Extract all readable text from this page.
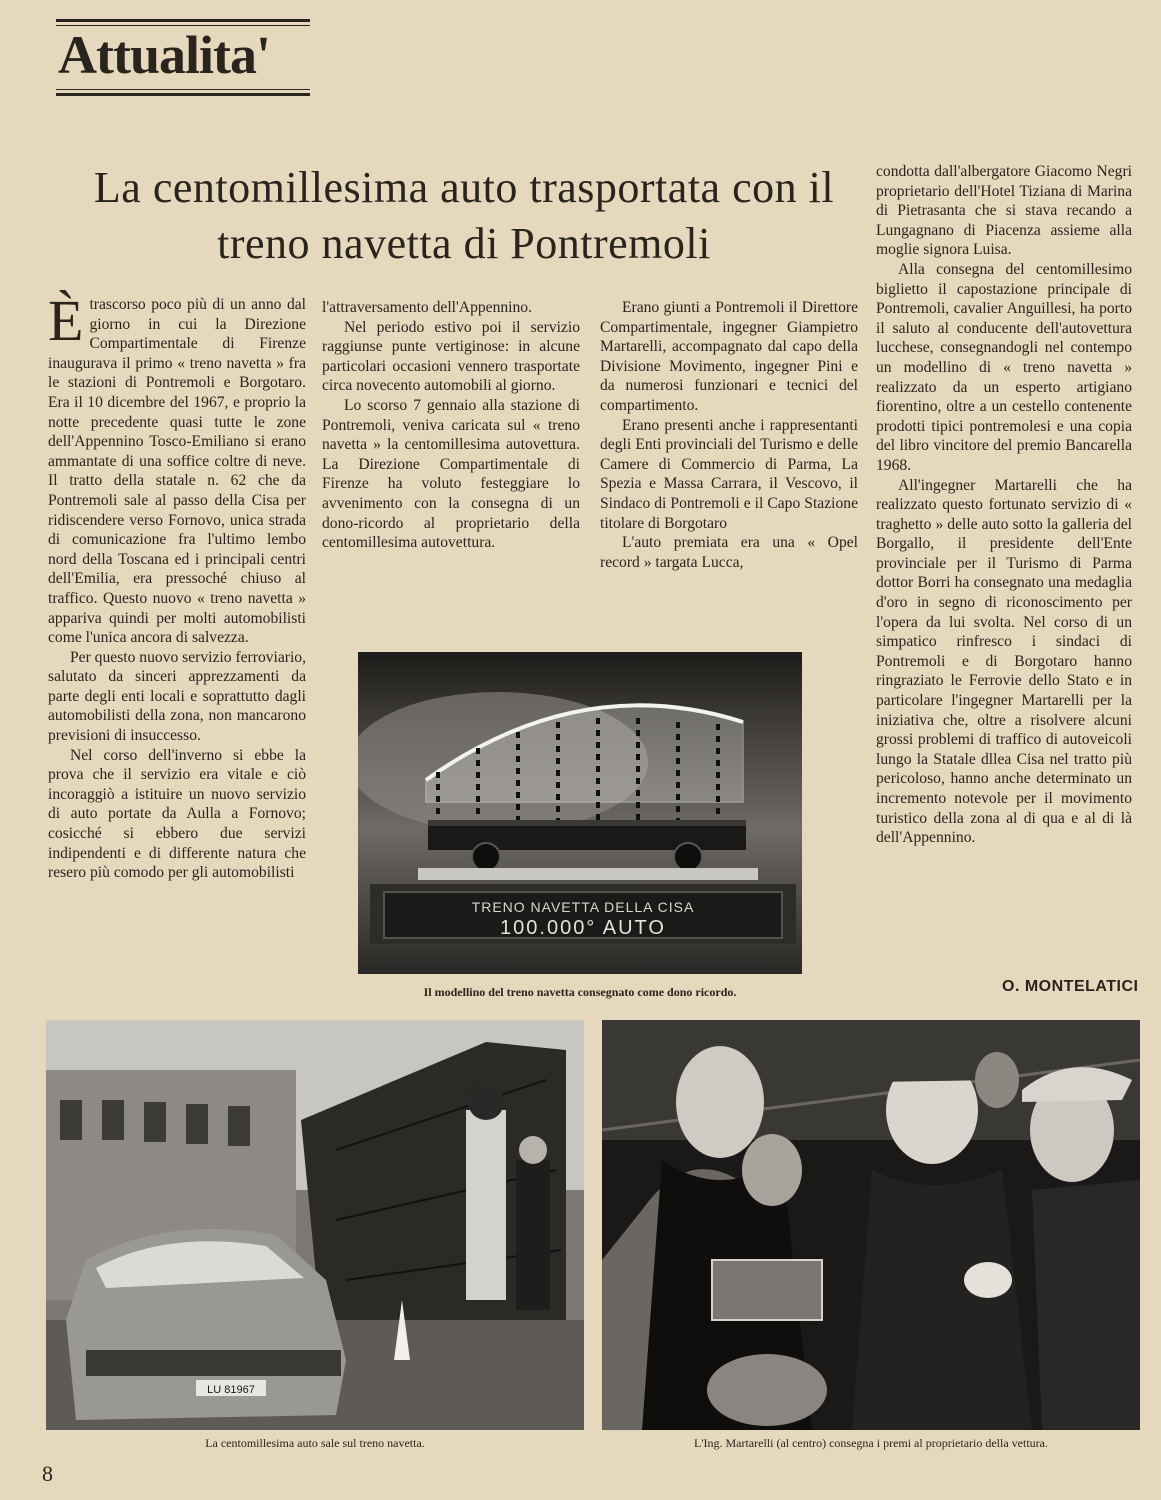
Attualita'
La centomillesima auto trasportata con il treno navetta di Pontremoli
È trascorso poco più di un anno dal giorno in cui la Direzione Compartimentale di Firenze inaugurava il primo « treno navetta » fra le stazioni di Pontremoli e Borgotaro. Era il 10 dicembre del 1967, e proprio la notte precedente quasi tutte le zone dell'Appennino Tosco-Emiliano si erano ammantate di una soffice coltre di neve. Il tratto della statale n. 62 che da Pontremoli sale al passo della Cisa per ridiscendere verso Fornovo, unica strada di comunicazione fra l'ultimo lembo nord della Toscana ed i principali centri dell'Emilia, era pressoché chiuso al traffico. Questo nuovo « treno navetta » appariva quindi per molti automobilisti come l'unica ancora di salvezza.

Per questo nuovo servizio ferroviario, salutato da sinceri apprezzamenti da parte degli enti locali e soprattutto dagli automobilisti della zona, non mancarono previsioni di insuccesso.

Nel corso dell'inverno si ebbe la prova che il servizio era vitale e ciò incoraggiò a istituire un nuovo servizio di auto portate da Aulla a Fornovo; cosicché si ebbero due servizi indipendenti e di differente natura che resero più comodo per gli automobilisti

l'attraversamento dell'Appennino.

Nel periodo estivo poi il servizio raggiunse punte vertiginose: in alcune particolari occasioni vennero trasportate circa novecento automobili al giorno.

Lo scorso 7 gennaio alla stazione di Pontremoli, veniva caricata sul « treno navetta » la centomillesima autovettura. La Direzione Compartimentale di Firenze ha voluto festeggiare lo avvenimento con la consegna di un dono-ricordo al proprietario della centomillesima autovettura.

Erano giunti a Pontremoli il Direttore Compartimentale, ingegner Giampietro Martarelli, accompagnato dal capo della Divisione Movimento, ingegner Pini e da numerosi funzionari e tecnici del compartimento.

Erano presenti anche i rappresentanti degli Enti provinciali del Turismo e delle Camere di Commercio di Parma, La Spezia e Massa Carrara, il Vescovo, il Sindaco di Pontremoli e il Capo Stazione titolare di Borgotaro

L'auto premiata era una « Opel record » targata Lucca,

condotta dall'albergatore Giacomo Negri proprietario dell'Hotel Tiziana di Marina di Pietrasanta che si stava recando a Lungagnano di Piacenza assieme alla moglie signora Luisa.

Alla consegna del centomillesimo biglietto il capostazione principale di Pontremoli, cavalier Anguillesi, ha porto il saluto al conducente dell'autovettura lucchese, consegnandogli nel contempo un modellino di « treno navetta » realizzato da un esperto artigiano fiorentino, oltre a un cestello contenente prodotti tipici pontremolesi e una copia del libro vincitore del premio Bancarella 1968.

All'ingegner Martarelli che ha realizzato questo fortunato servizio di « traghetto » delle auto sotto la galleria del Borgallo, il presidente dell'Ente provinciale per il Turismo di Parma dottor Borri ha consegnato una medaglia d'oro in segno di riconoscimento per l'opera da lui svolta. Nel corso di un simpatico rinfresco i sindaci di Pontremoli e di Borgotaro hanno ringraziato le Ferrovie dello Stato e in particolare l'ingegner Martarelli per la iniziativa che, oltre a risolvere alcuni grossi problemi di traffico di autoveicoli lungo la Statale dllea Cisa nel tratto più pericoloso, hanno anche determinato un incremento notevole per il movimento turistico della zona al di qua e al di là dell'Appennino.

O. MONTELATICI

TRENO NAVETTA DELLA CISA
100.000° AUTO

Il modellino del treno navetta consegnato come dono ricordo.

LU 81967

La centomillesima auto sale sul treno navetta.	L'Ing. Martarelli (al centro) consegna i premi al proprietario della vettura.

8
